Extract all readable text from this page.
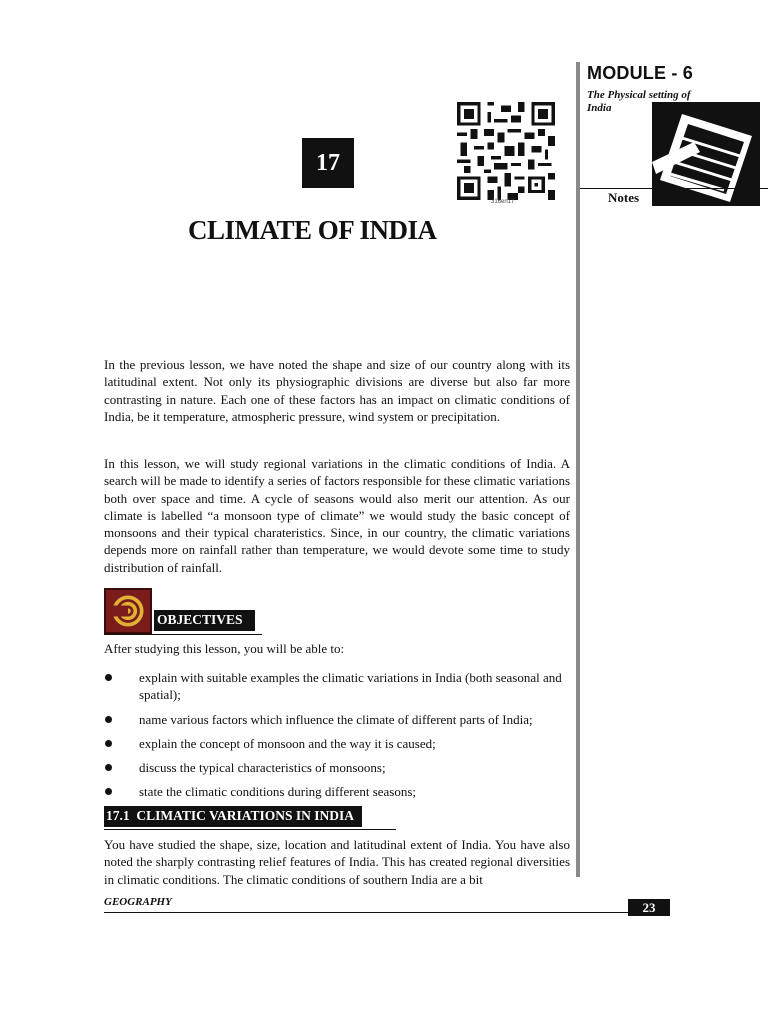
MODULE - 6
The Physical setting of India
Notes
17
316en17
CLIMATE OF INDIA
In the previous lesson, we have noted the shape and size of our country along with its latitudinal extent. Not only its physiographic divisions are diverse but also far more contrasting in nature. Each one of these factors has an impact on climatic conditions of India, be it temperature, atmospheric pressure, wind system or precipitation.
In this lesson, we will study regional variations in the climatic conditions of India. A search will be made to identify a series of factors responsible for these climatic variations both over space and time. A cycle of seasons would also merit our attention. As our climate is labelled “a monsoon type of climate” we would study the basic concept of monsoons and their typical charateristics. Since, in our country, the climatic variations depends more on rainfall rather than temperature, we would devote some time to study distribution of rainfall.
OBJECTIVES
After studying this lesson, you will be able to:
explain with suitable examples the climatic variations in India (both seasonal and spatial);
name various factors which influence the climate of different parts of India;
explain the concept of monsoon and the way it is caused;
discuss the typical characteristics of monsoons;
state the climatic conditions during different seasons;
17.1  CLIMATIC VARIATIONS IN INDIA
You have studied the shape, size, location and latitudinal extent of India. You have also noted the sharply contrasting relief features of India. This has created regional diversities in climatic conditions. The climatic conditions of southern India are a bit
GEOGRAPHY	23
